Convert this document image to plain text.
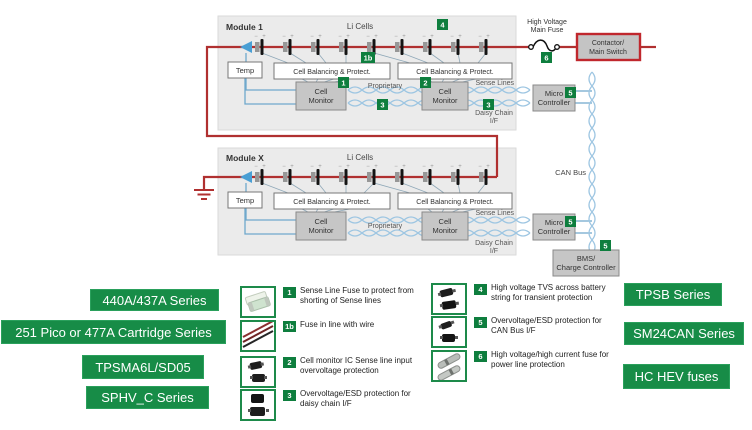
Module 1	Li Cells
Temp	Cell Balancing & Protect.	Cell Balancing & Protect.
Cell
Monitor
Cell
Monitor
Proprietary	Sense Lines
Daisy Chain
I/F
Module X	Li Cells
Temp	Cell Balancing & Protect.	Cell Balancing & Protect.
Cell
Monitor
Cell
Monitor
Proprietary
Sense Lines
Daisy Chain
I/F
High Voltage
Main Fuse
Contactor/
Main Switch
Micro
Controller
Micro
Controller
CAN Bus
BMS/
Charge Controller
4
1b
1	2
3	3
6
5
5
5
1	Sense Line Fuse to protect from
shorting of Sense lines
1b Fuse in line with wire
2	Cell monitor IC Sense line input
overvoltage protection
3	Overvoltage/ESD protection for
daisy chain I/F
4	High voltage TVS across battery
string for transient protection
5	Overvoltage/ESD protection for
CAN Bus I/F
6	High voltage/high current fuse for
power line protection
440A/437A Series
251 Pico or 477A Cartridge Series
TPSMA6L/SD05
SPHV_C Series
TPSB Series
SM24CAN Series
HC HEV fuses
